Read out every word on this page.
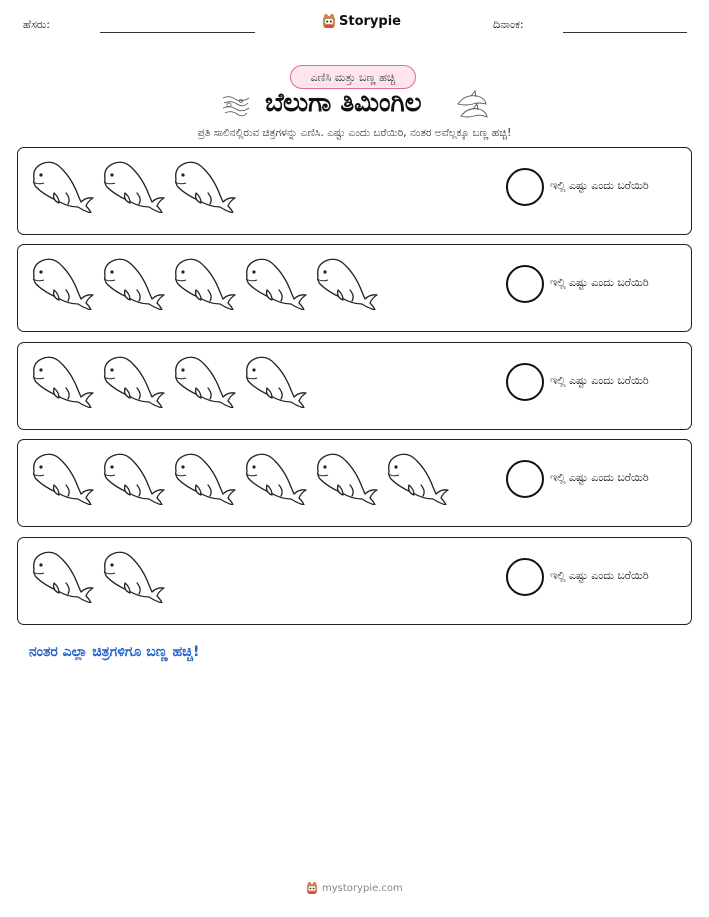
ಹೆಸರು:	Storypie	ದಿನಾಂಕ:
ಎಣಿಸಿ ಮತ್ತು ಬಣ್ಣ ಹಚ್ಚಿ
ಬೆಲುಗಾ ತಿಮಿಂಗಿಲ
ಪ್ರತಿ ಸಾಲಿನಲ್ಲಿರುವ ಚಿತ್ರಗಳನ್ನು ಎಣಿಸಿ. ಎಷ್ಟು ಎಂದು ಬರೆಯಿರಿ, ನಂತರ ಅವೆಲ್ಲಕ್ಕೂ ಬಣ್ಣ ಹಚ್ಚಿ!
ಇಲ್ಲಿ ಎಷ್ಟು ಎಂದು ಬರೆಯಿರಿ
ಇಲ್ಲಿ ಎಷ್ಟು ಎಂದು ಬರೆಯಿರಿ
ಇಲ್ಲಿ ಎಷ್ಟು ಎಂದು ಬರೆಯಿರಿ
ಇಲ್ಲಿ ಎಷ್ಟು ಎಂದು ಬರೆಯಿರಿ
ಇಲ್ಲಿ ಎಷ್ಟು ಎಂದು ಬರೆಯಿರಿ
ನಂತರ ಎಲ್ಲಾ ಚಿತ್ರಗಳಿಗೂ ಬಣ್ಣ ಹಚ್ಚಿ!
mystorypie.com
